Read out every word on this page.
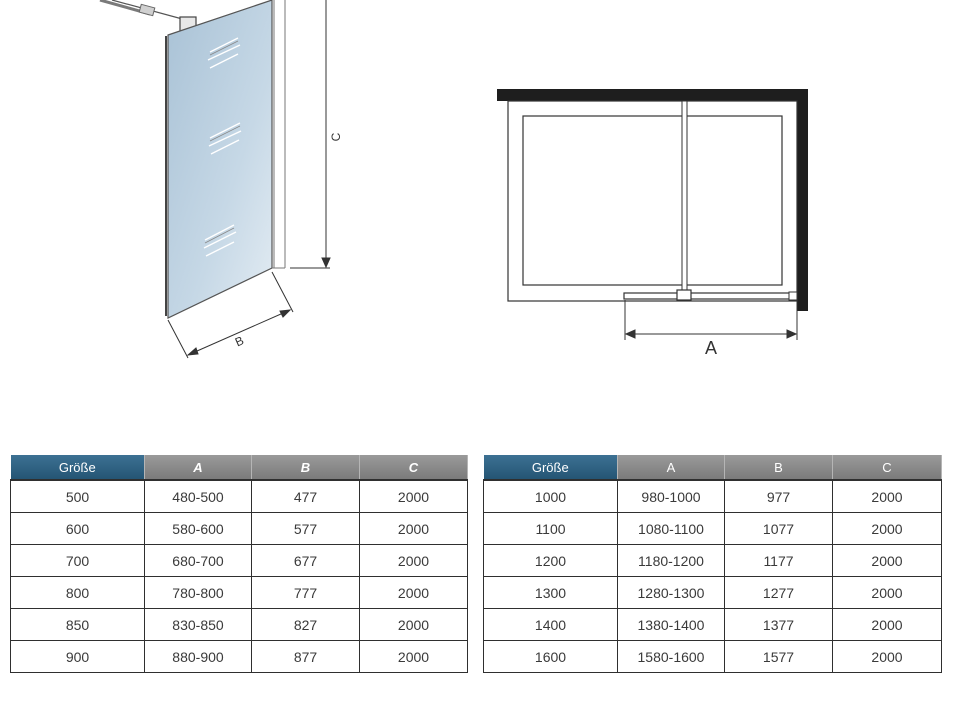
C
B	A
Größe	A	B	C
500	480-500	477	2000
600	580-600	577	2000
700	680-700	677	2000
800	780-800	777	2000
850	830-850	827	2000
900	880-900	877	2000
Größe	A	B	C
1000	980-1000	977	2000
1100	1080-1100	1077	2000
1200	1180-1200	1177	2000
1300	1280-1300	1277	2000
1400	1380-1400	1377	2000
1600	1580-1600	1577	2000
